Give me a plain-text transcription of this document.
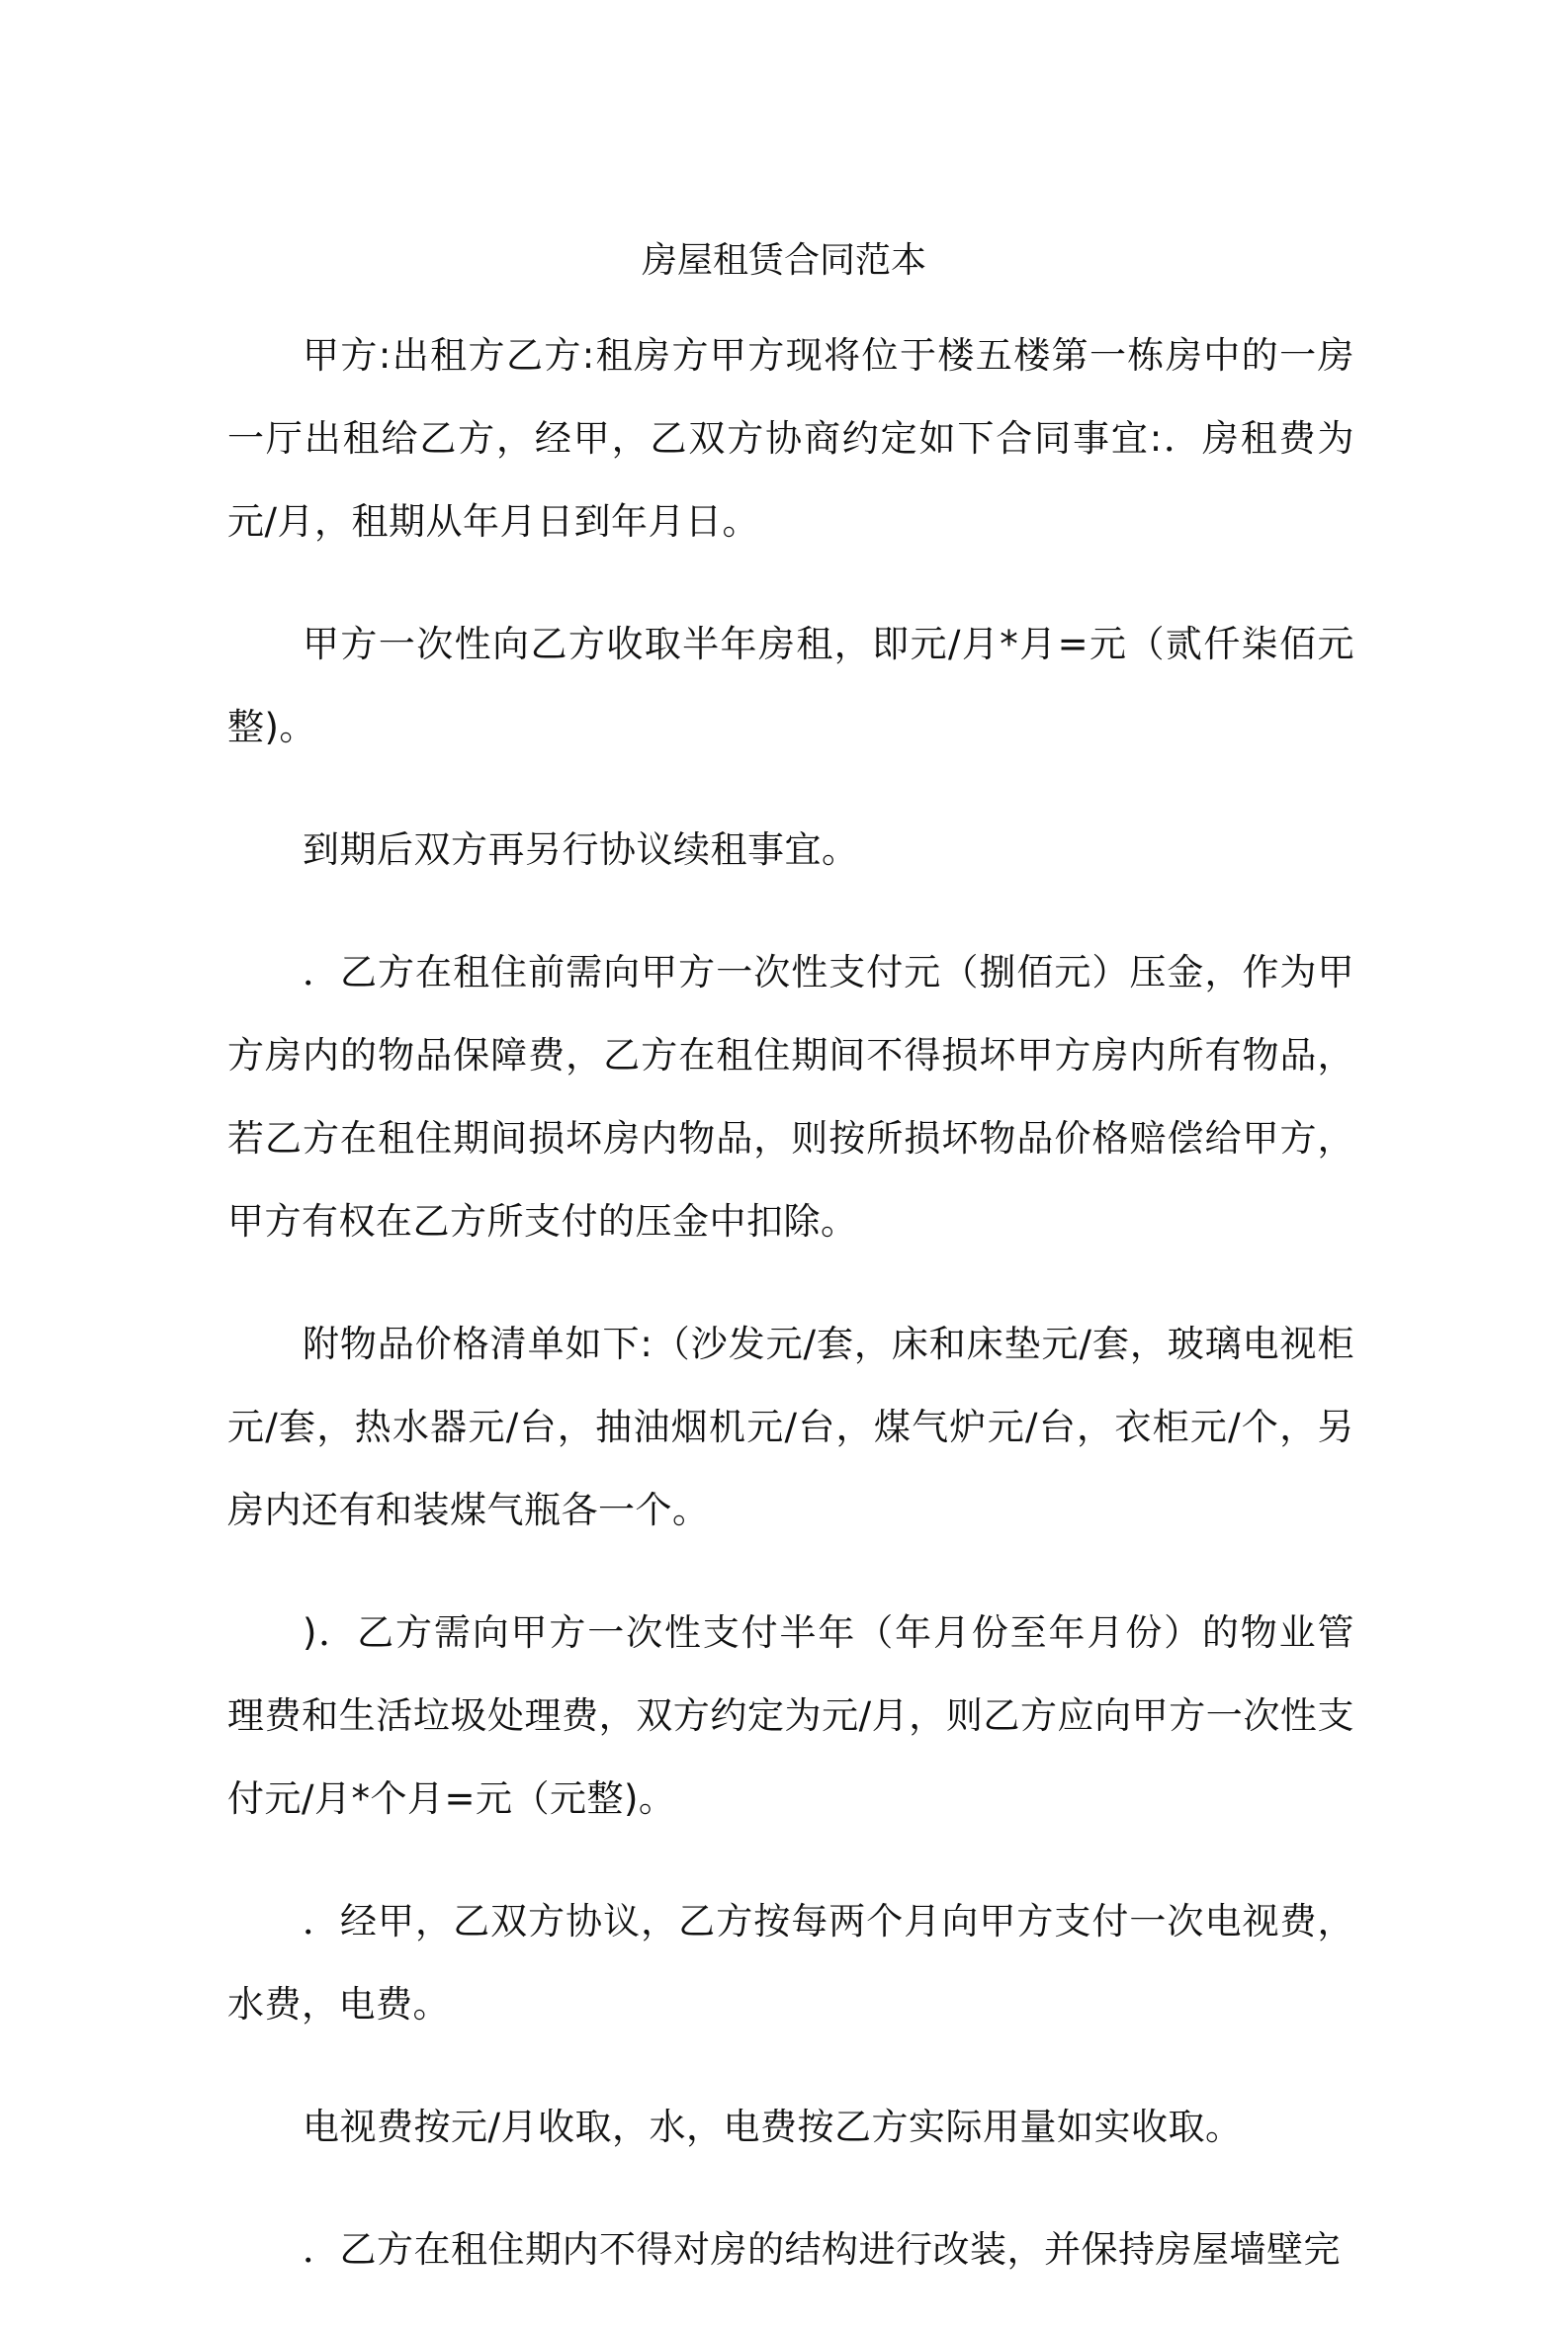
房屋租赁合同范本

甲方:出租方乙方:租房方甲方现将位于楼五楼第一栋房中的一房一厅出租给乙方，经甲，乙双方协商约定如下合同事宜:．房租费为元/月，租期从年月日到年月日。

甲方一次性向乙方收取半年房租，即元/月*月=元（贰仟柒佰元整)。

到期后双方再另行协议续租事宜。

．乙方在租住前需向甲方一次性支付元（捌佰元）压金，作为甲方房内的物品保障费，乙方在租住期间不得损坏甲方房内所有物品，若乙方在租住期间损坏房内物品，则按所损坏物品价格赔偿给甲方，甲方有权在乙方所支付的压金中扣除。

附物品价格清单如下:（沙发元/套，床和床垫元/套，玻璃电视柜元/套，热水器元/台，抽油烟机元/台，煤气炉元/台，衣柜元/个，另房内还有和装煤气瓶各一个。

)．乙方需向甲方一次性支付半年（年月份至年月份）的物业管理费和生活垃圾处理费，双方约定为元/月，则乙方应向甲方一次性支付元/月*个月=元（元整)。

．经甲，乙双方协议，乙方按每两个月向甲方支付一次电视费，水费，电费。

电视费按元/月收取，水，电费按乙方实际用量如实收取。

．乙方在租住期内不得对房的结构进行改装，并保持房屋墙壁完
